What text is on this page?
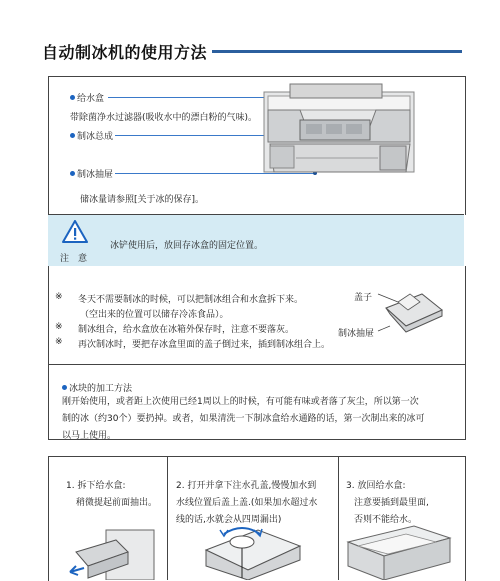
自动制冰机的使用方法
给水盒
带除菌净水过滤器(吸收水中的漂白粉的气味)。
制冰总成
制冰抽屉
储冰量请参照[关于冰的保存]。
注　意
冰铲使用后，放回存冰盒的固定位置。
※ 冬天不需要制冰的时候，可以把制冰组合和水盒拆下来。
（空出来的位置可以储存冷冻食品）。
※ 制冰组合，给水盒放在冰箱外保存时，注意不要落灰。
※ 再次制冰时，要把存冰盒里面的盖子倒过来，插到制冰组合上。
盖子
制冰抽屉
冰块的加工方法
刚开始使用，或者距上次使用已经1周以上的时候，有可能有味或者落了灰尘，所以第一次
制的冰（约30个）要扔掉。或者，如果清洗一下制冰盒给水通路的话，第一次制出来的冰可
以马上使用。
1. 拆下给水盒:
稍微提起前面抽出。
2. 打开并拿下注水孔盖,慢慢加水到
水线位置后盖上盖.(如果加水超过水
线的话,水就会从四周漏出)
3. 放回给水盒:
注意要插到最里面,
否则不能给水。
